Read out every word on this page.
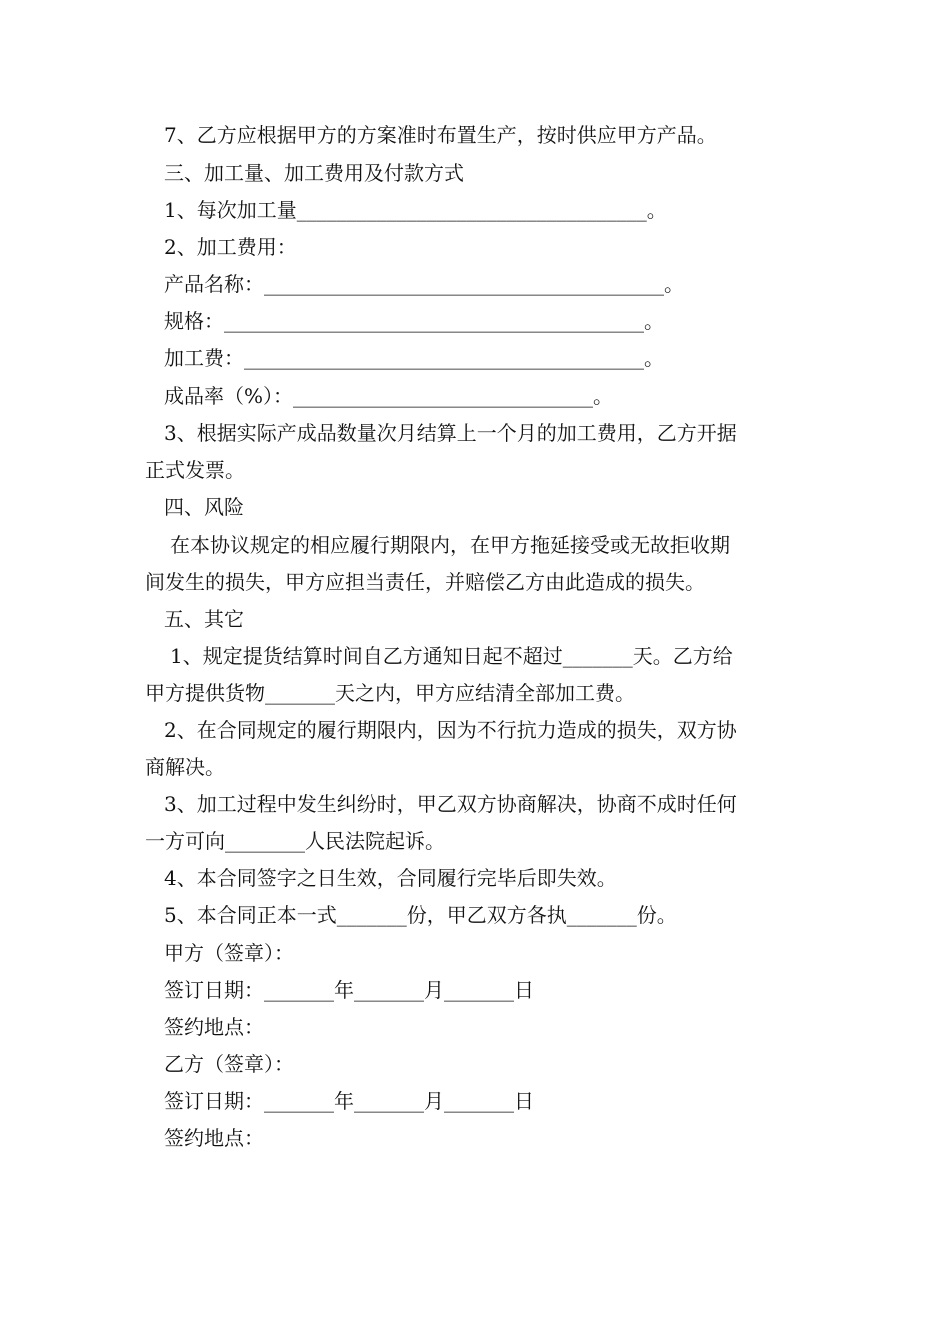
7、乙方应根据甲方的方案准时布置生产，按时供应甲方产品。
三、加工量、加工费用及付款方式
1、每次加工量___________________________________。
2、加工费用：
产品名称：________________________________________。
规格：__________________________________________。
加工费：________________________________________。
成品率（%）：______________________________。
3、根据实际产成品数量次月结算上一个月的加工费用，乙方开据
正式发票。
四、风险
在本协议规定的相应履行期限内，在甲方拖延接受或无故拒收期
间发生的损失，甲方应担当责任，并赔偿乙方由此造成的损失。
五、其它
1、规定提货结算时间自乙方通知日起不超过_______天。乙方给
甲方提供货物_______天之内，甲方应结清全部加工费。
2、在合同规定的履行期限内，因为不行抗力造成的损失，双方协
商解决。
3、加工过程中发生纠纷时，甲乙双方协商解决，协商不成时任何
一方可向________人民法院起诉。
4、本合同签字之日生效，合同履行完毕后即失效。
5、本合同正本一式_______份，甲乙双方各执_______份。
甲方（签章）：
签订日期：_______年_______月_______日
签约地点：
乙方（签章）：
签订日期：_______年_______月_______日
签约地点：
